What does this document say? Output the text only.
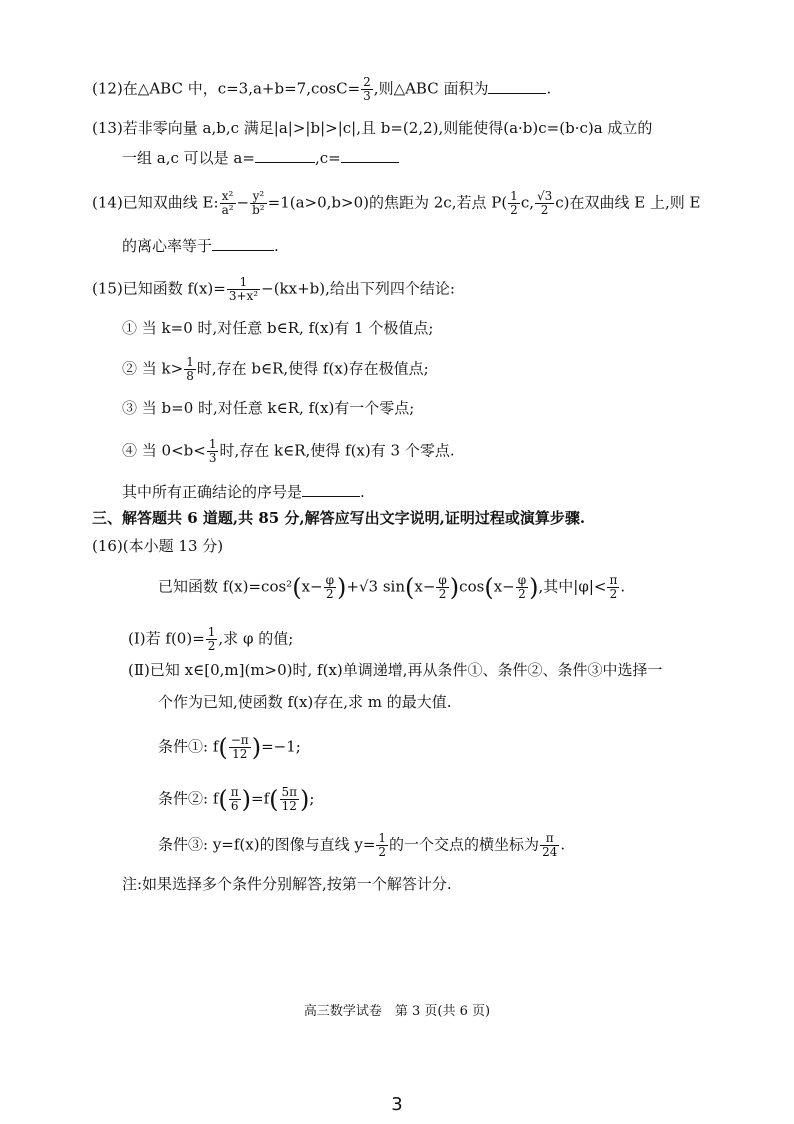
(12)在△ABC 中，$c=3,a+b=7,\cos C= \frac{2}{3}$ ,则△ABC 面积为	.
(13)若非零向量 a,b,c 满足|a|>|b|>|c|,且 b=(2,2),则能使得(a·b)c=(b·c)a 成立的
一组 a,c 可以是 a=	,c=
(14)已知双曲线 E: $\frac{\text{x²}}{\text{a²}} - \frac{\text{y²}}{\text{b²}} =1(a>0,b>0)$的焦距为 2c,若点 $P( \frac{1}{2} c$, $\frac{√3}{2} c$)在双曲线 E 上,则 E
的离心率等于	.
(15)已知函数 $f(x)= \frac{1}{\text{3+x²}} -(kx+b)$,给出下列四个结论:
① 当 k=0 时,对任意 b∈R, f(x)有 1 个极值点;
② 当 $k> \frac{1}{8}$ 时,存在 b∈R,使得 f(x)存在极值点;
③ 当 b=0 时,对任意 k∈R, f(x)有一个零点;
④ 当 $0<b< \frac{1}{3}$ 时,存在 k∈R,使得 f(x)有 3 个零点.
其中所有正确结论的序号是	.
三、解答题共 6 道题,共 85 分,解答应写出文字说明,证明过程或演算步骤.
(16)(本小题 13 分)
已知函数 $f(x)=\cos^2(x- \frac{\varphi}{2} )+√3$ $\sin(x- \frac{\varphi}{2} )\cos(x- \frac{\varphi}{2}$ ),其中$|\varphi|< \frac{\pi}{2}$ .
(Ⅰ)若 $f(0)= \frac{1}{2}$ ,求 φ 的值;
(Ⅱ)已知 x∈[0,m](m>0)时, f(x)单调递增,再从条件①、条件②、条件③中选择一
个作为已知,使函数 f(x)存在,求 m 的最大值.
条件①: $f( \frac{-\pi}{12} )=-1$;
条件②: $f( \frac{\pi}{6} )=f( \frac{5\pi}{12}$ );
条件③: y=f(x)的图像与直线 $y= \frac{1}{2}$ 的一个交点的横坐标为 $\frac{\pi}{24}$ .
注:如果选择多个条件分别解答,按第一个解答计分.
高三数学试卷　第 3 页(共 6 页)
3
